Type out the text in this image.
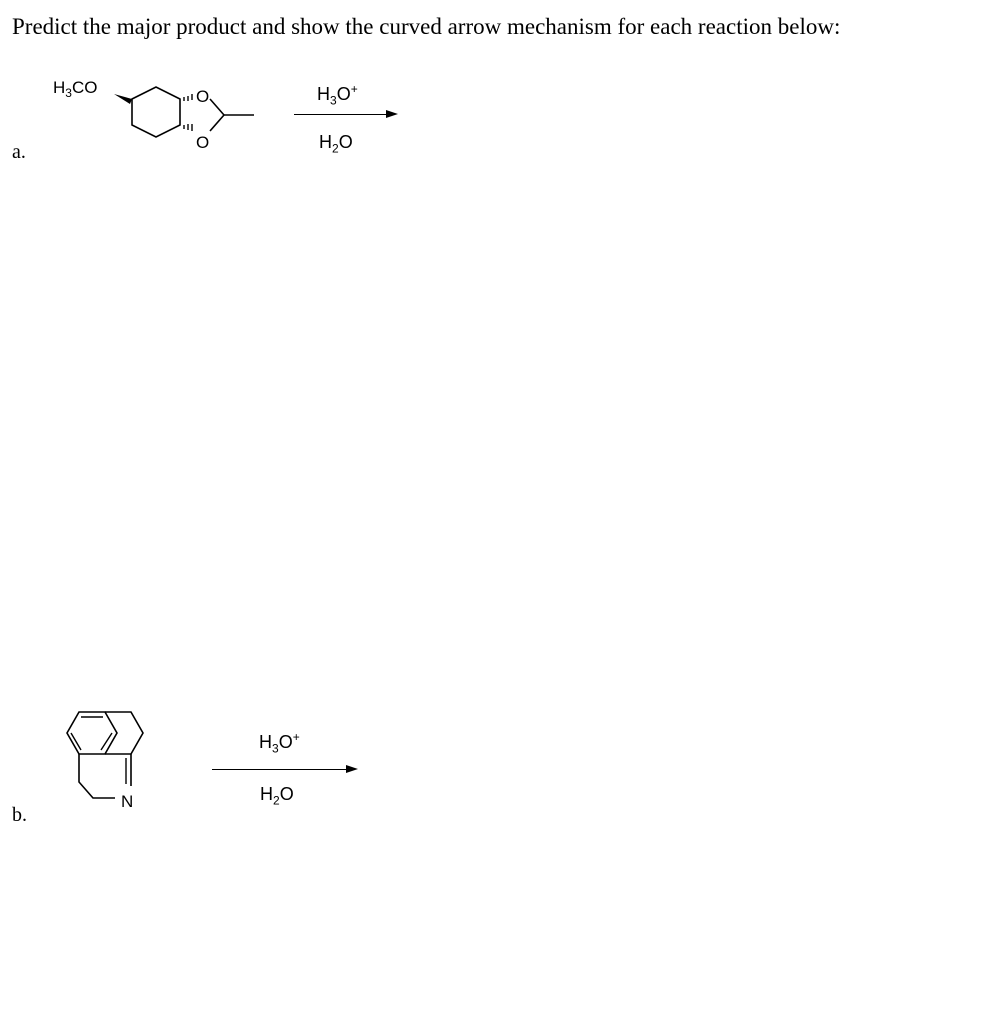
Predict the major product and show the curved arrow mechanism for each reaction below:
a.
$H_3CO$	O
O
$H_3O^+$
$H_2O$
b.
N
$H_3O^+$
$H_2O$
